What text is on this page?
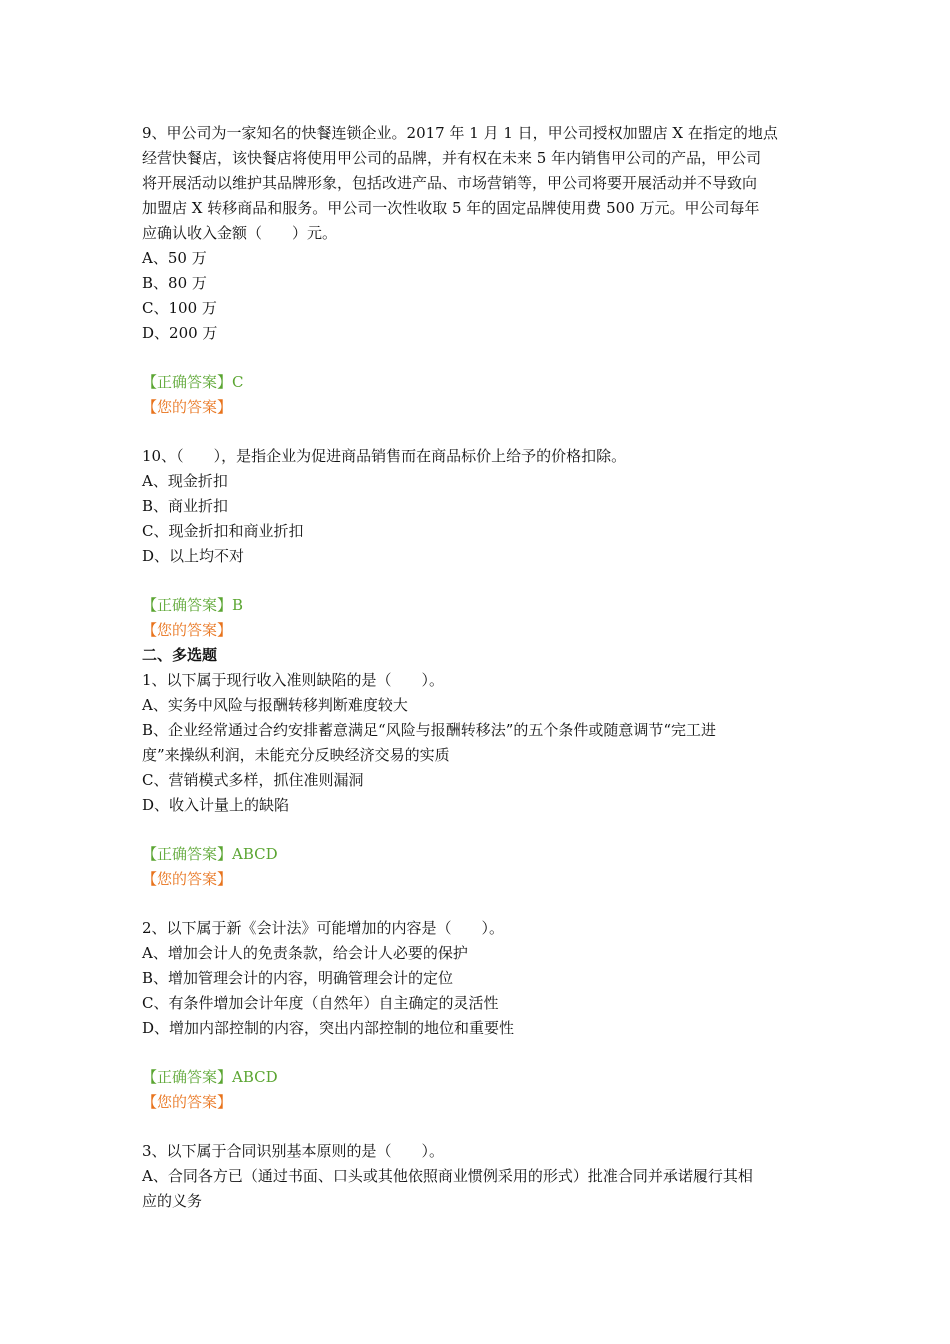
9、甲公司为一家知名的快餐连锁企业。2017 年 1 月 1 日，甲公司授权加盟店 X 在指定的地点
经营快餐店，该快餐店将使用甲公司的品牌，并有权在未来 5 年内销售甲公司的产品，甲公司
将开展活动以维护其品牌形象，包括改进产品、市场营销等，甲公司将要开展活动并不导致向
加盟店 X 转移商品和服务。甲公司一次性收取 5 年的固定品牌使用费 500 万元。甲公司每年
应确认收入金额（　　）元。
A、50 万
B、80 万
C、100 万
D、200 万
【正确答案】C
【您的答案】
10、（　　），是指企业为促进商品销售而在商品标价上给予的价格扣除。
A、现金折扣
B、商业折扣
C、现金折扣和商业折扣
D、以上均不对
【正确答案】B
【您的答案】
二、多选题
1、以下属于现行收入准则缺陷的是（　　）。
A、实务中风险与报酬转移判断难度较大
B、企业经常通过合约安排蓄意满足“风险与报酬转移法”的五个条件或随意调节“完工进
度”来操纵利润，未能充分反映经济交易的实质
C、营销模式多样，抓住准则漏洞
D、收入计量上的缺陷
【正确答案】ABCD
【您的答案】
2、以下属于新《会计法》可能增加的内容是（　　）。
A、增加会计人的免责条款，给会计人必要的保护
B、增加管理会计的内容，明确管理会计的定位
C、有条件增加会计年度（自然年）自主确定的灵活性
D、增加内部控制的内容，突出内部控制的地位和重要性
【正确答案】ABCD
【您的答案】
3、以下属于合同识别基本原则的是（　　）。
A、合同各方已（通过书面、口头或其他依照商业惯例采用的形式）批准合同并承诺履行其相
应的义务
